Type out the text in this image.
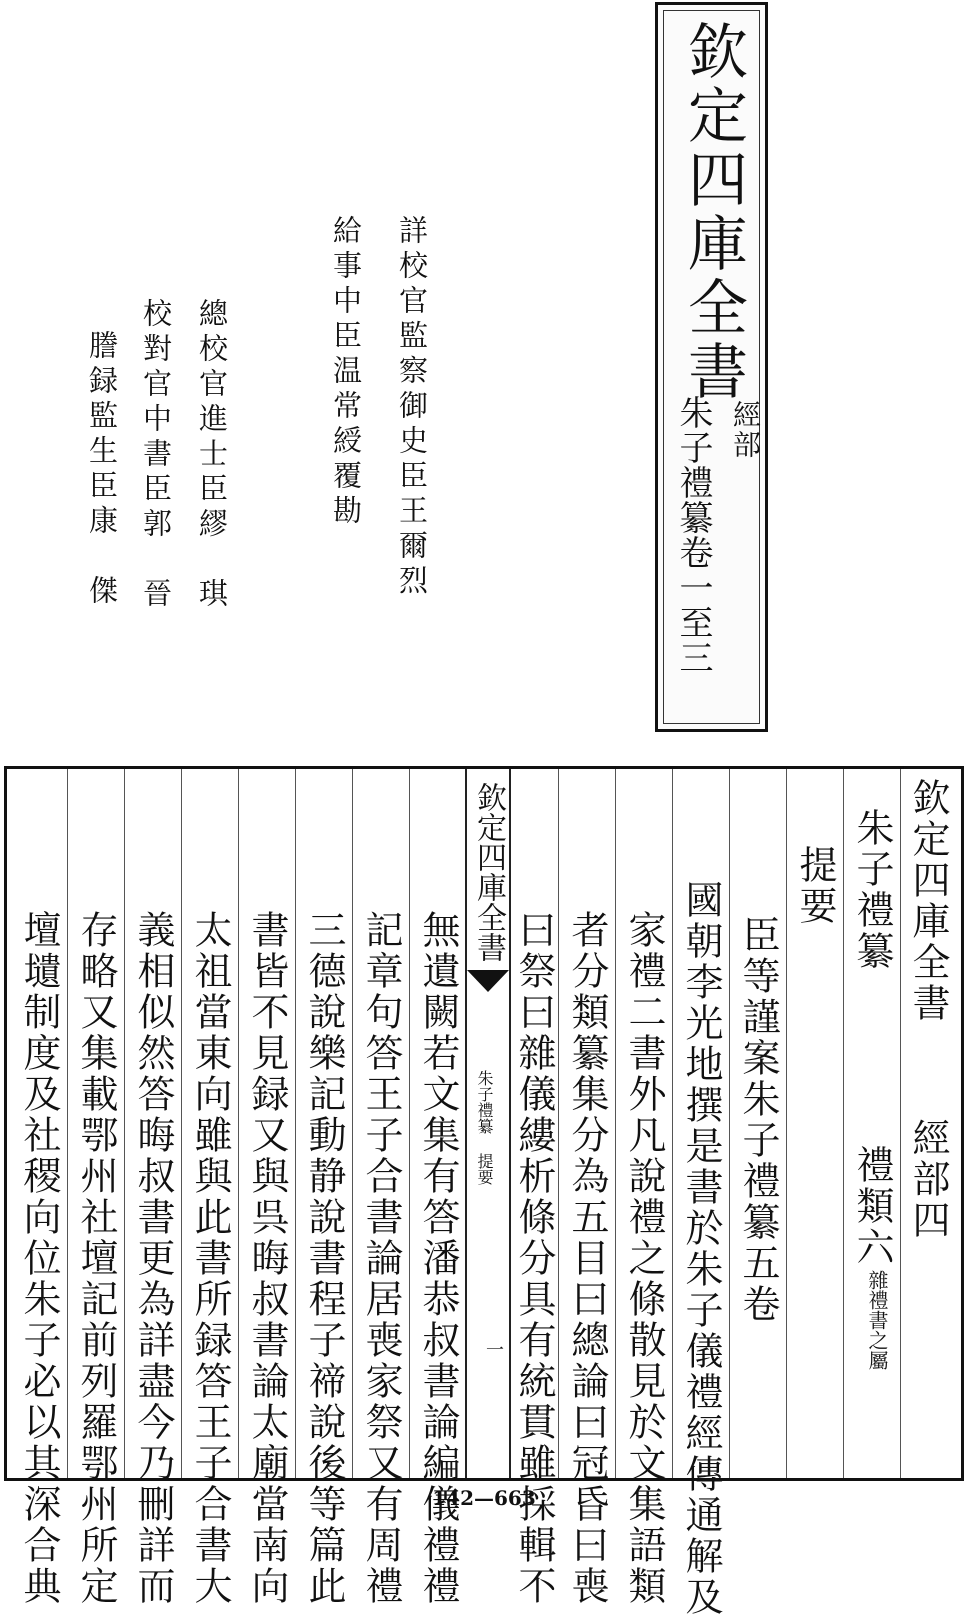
欽定四庫全書
經部
朱子禮纂卷一至三
詳校官監察御史臣王爾烈
給事中臣温常綬覆勘
總校官進士臣繆　琪
校對官中書臣郭　晉
謄録監生臣康　傑
欽定四庫全書
經部四
朱子禮纂
禮類六
雜禮書之屬
提要
臣等謹案朱子禮纂五卷
國朝李光地撰是書於朱子儀禮經傳通解及
家禮二書外凡說禮之條散見於文集語類
者分類纂集分為五目曰總論曰冠昏曰喪
曰祭曰雜儀縷析條分具有統貫雖採輯不
欽定四庫全書
朱子禮纂 提要
一
無遺闕若文集有答潘恭叔書論編儀禮禮
記章句答王子合書論居喪家祭又有周禮
三德說樂記動静說書程子禘說後等篇此
書皆不見録又與呉晦叔書論太廟當南向
太祖當東向雖與此書所録答王子合書大
義相似然答晦叔書更為詳盡今乃刪詳而
存略又集載鄂州社壇記前列羅鄂州所定
壇壝制度及社稷向位朱子必以其深合典	142—663
